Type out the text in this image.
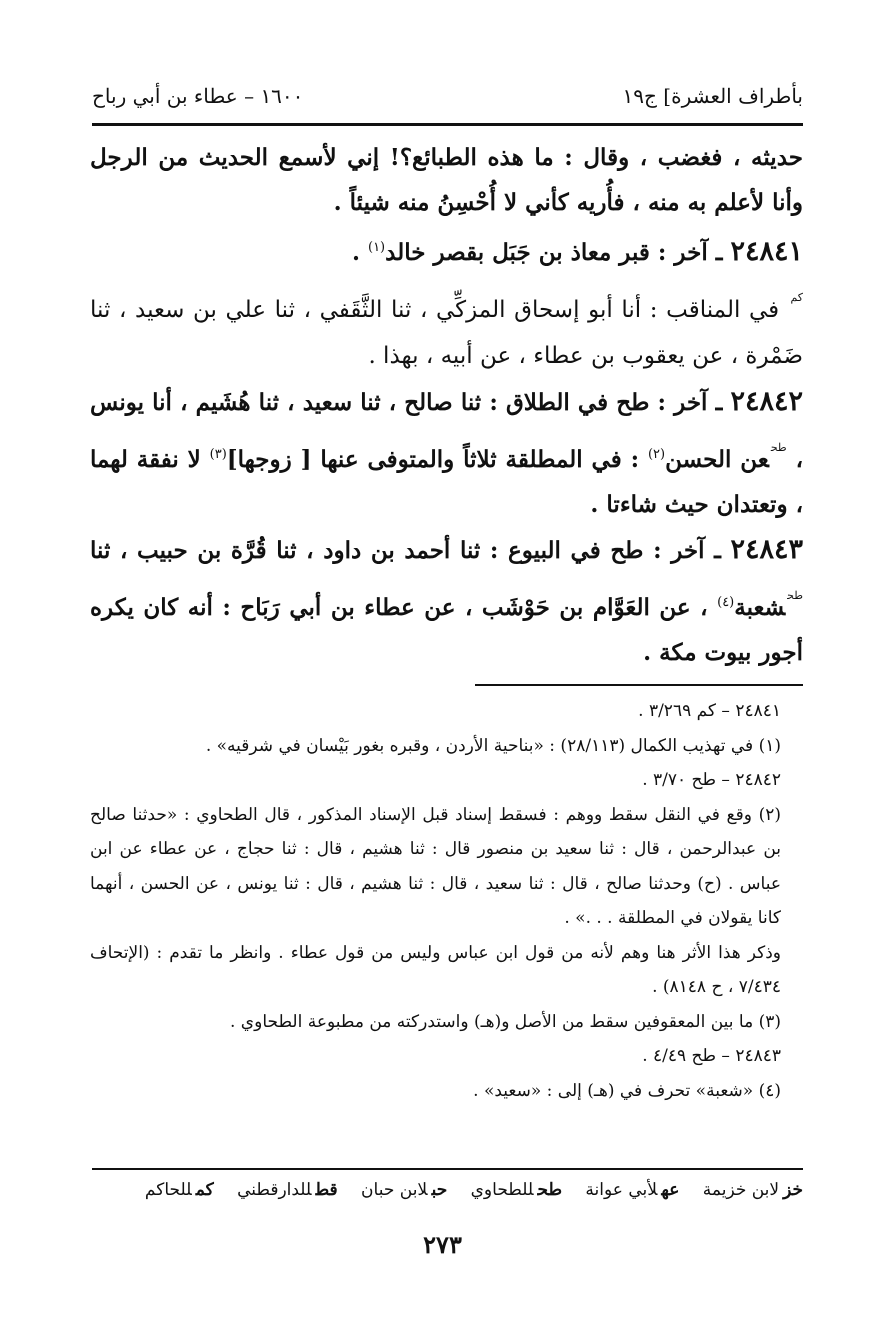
بأطراف العشرة] ج١٩
١٦٠٠ – عطاء بن أبي رباح

حديثه ، فغضب ، وقال : ما هذه الطبائع؟! إني لأسمع الحديث من الرجل وأنا لأعلم به منه ، فأُريه كأني لا أُحْسِنُ منه شيئاً .

٢٤٨٤١ ـ آخر : قبر معاذ بن جَبَل بقصر خالد$^{(١)}$ .

$^{كم}$ في المناقب : أنا أبو إسحاق المزكِّي ، ثنا الثَّقَفي ، ثنا علي بن سعيد ، ثنا ضَمْرة ، عن يعقوب بن عطاء ، عن أبيه ، بهذا .

٢٤٨٤٢ ـ آخر : طح في الطلاق : ثنا صالح ، ثنا سعيد ، ثنا هُشَيم ، أنا يونس ، $^{طح}$عن الحسن$^{(٢)}$ : في المطلقة ثلاثاً والمتوفى عنها [ زوجها]$^{(٣)}$ لا نفقة لهما ، وتعتدان حيث شاءتا .

٢٤٨٤٣ ـ آخر : طح في البيوع : ثنا أحمد بن داود ، ثنا قُرَّة بن حبيب ، ثنا $^{طح}$شعبة$^{(٤)}$ ، عن العَوَّام بن حَوْشَب ، عن عطاء بن أبي رَبَاح : أنه كان يكره أجور بيوت مكة .

٢٤٨٤١ – كم ٣/٢٦٩ .

(١) في تهذيب الكمال (٢٨/١١٣) : «بناحية الأردن ، وقبره بغور بَيْسان في شرقيه» .

٢٤٨٤٢ – طح ٣/٧٠ .

(٢) وقع في النقل سقط ووهم : فسقط إسناد قبل الإسناد المذكور ، قال الطحاوي : «حدثنا صالح بن عبدالرحمن ، قال : ثنا سعيد بن منصور قال : ثنا هشيم ، قال : ثنا حجاج ، عن عطاء عن ابن عباس . (ح) وحدثنا صالح ، قال : ثنا سعيد ، قال : ثنا هشيم ، قال : ثنا يونس ، عن الحسن ، أنهما كانا يقولان في المطلقة . . .» .

وذكر هذا الأثر هنا وهم لأنه من قول ابن عباس وليس من قول عطاء . وانظر ما تقدم : (الإتحاف ٧/٤٣٤ ، ح ٨١٤٨) .

(٣) ما بين المعقوفين سقط من الأصل و(هـ) واستدركته من مطبوعة الطحاوي .

٢٤٨٤٣ – طح ٤/٤٩ .

(٤) «شعبة» تحرف في (هـ) إلى : «سعيد» .

خزلابن خزيمة عهلأبي عوانة طحللطحاوي حبلابن حبان قطللدارقطني كمللحاكم
٢٧٣
